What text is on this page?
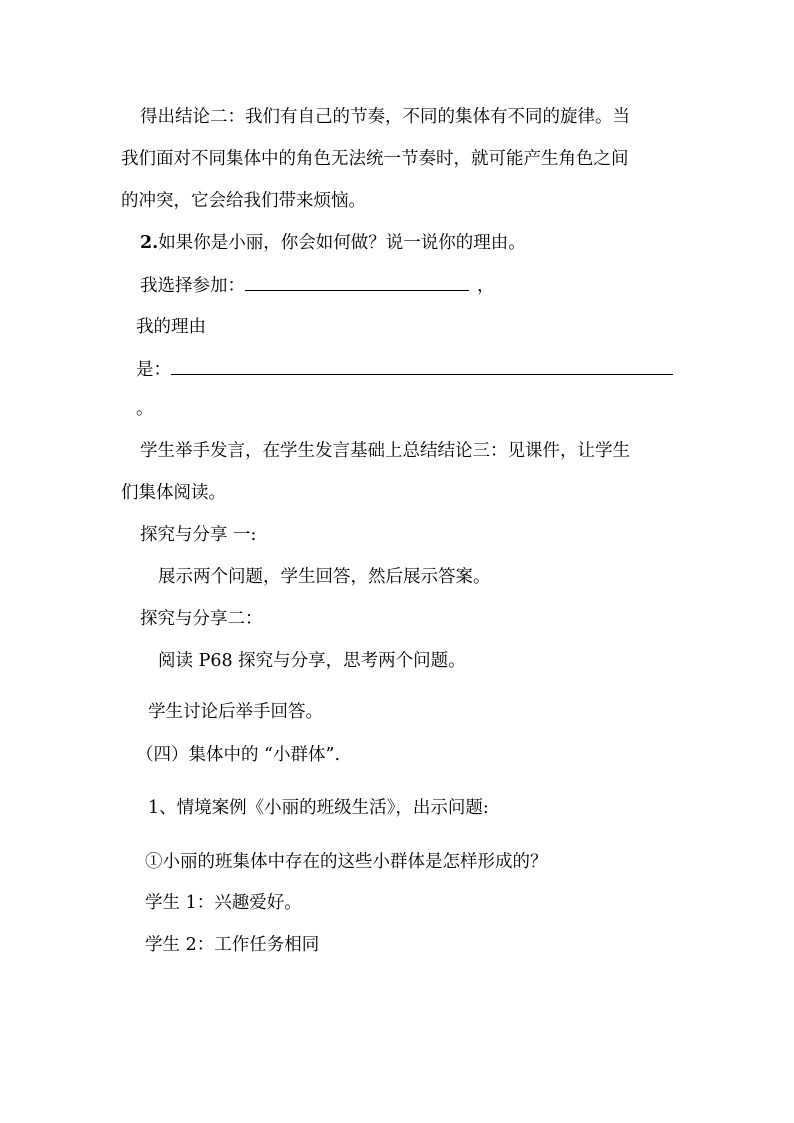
得出结论二：我们有自己的节奏，不同的集体有不同的旋律。当
我们面对不同集体中的角色无法统一节奏时，就可能产生角色之间
的冲突，它会给我们带来烦恼。
2.如果你是小丽，你会如何做？说一说你的理由。
我选择参加：	，
我的理由
是：
。
学生举手发言，在学生发言基础上总结结论三：见课件，让学生
们集体阅读。
探究与分享 一:
展示两个问题，学生回答，然后展示答案。
探究与分享二：
阅读 P68 探究与分享，思考两个问题。
学生讨论后举手回答。
（四）集体中的 “小群体”.
1、情境案例《小丽的班级生活》，出示问题:
①小丽的班集体中存在的这些小群体是怎样形成的？
学生 1：兴趣爱好。
学生 2：工作任务相同
